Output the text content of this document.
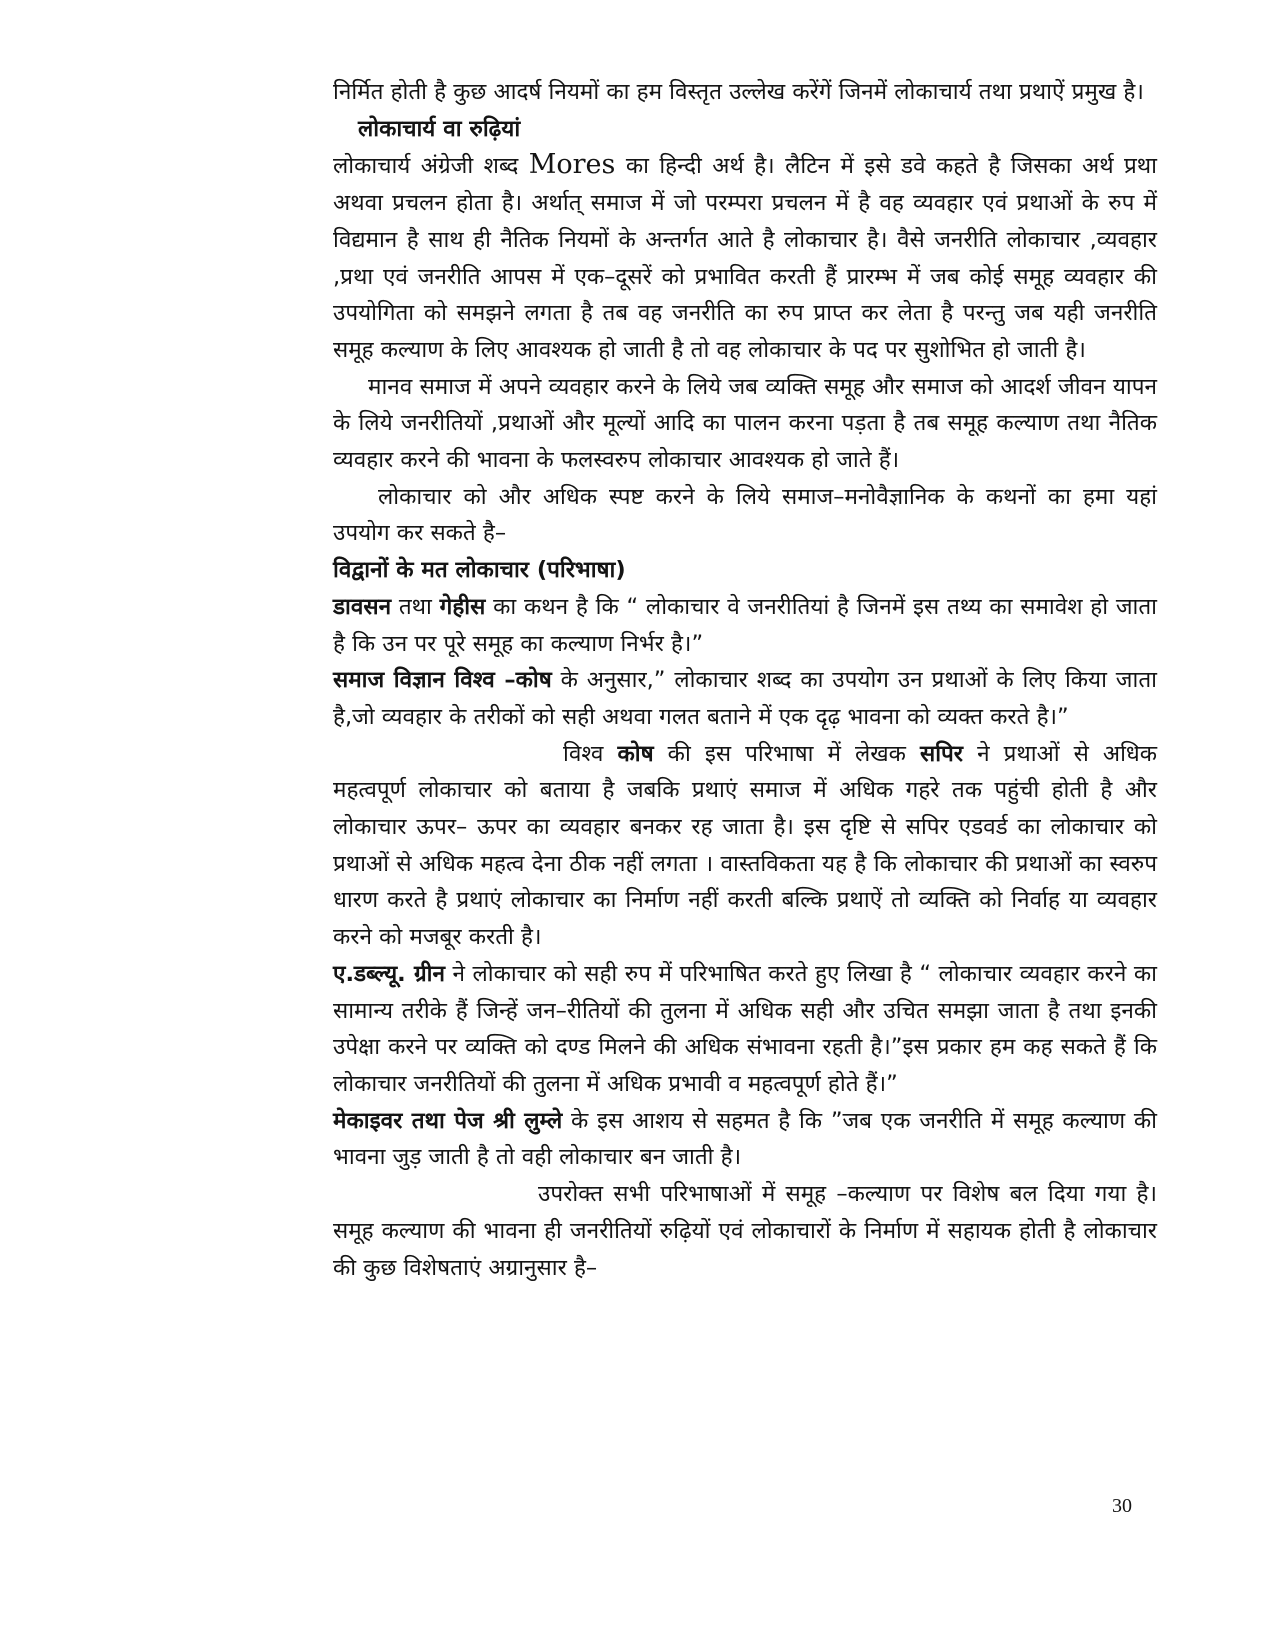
निर्मित होती है कुछ आदर्ष नियमों का हम विस्तृत उल्लेख करेंगें जिनमें लोकाचार्य तथा प्रथाऐं प्रमुख है।

लोकाचार्य वा रुढ़ियां

लोकाचार्य अंग्रेजी शब्द Mores का हिन्दी अर्थ है। लैटिन में इसे डवे कहते है जिसका अर्थ प्रथा अथवा प्रचलन होता है। अर्थात् समाज में जो परम्परा प्रचलन में है वह व्यवहार एवं प्रथाओं के रुप में विद्यमान है साथ ही नैतिक नियमों के अन्तर्गत आते है लोकाचार है। वैसे जनरीति लोकाचार ,व्यवहार ,प्रथा एवं जनरीति आपस में एक–दूसरें को प्रभावित करती हैं प्रारम्भ में जब कोई समूह व्यवहार की उपयोगिता को समझने लगता है तब वह जनरीति का रुप प्राप्त कर लेता है परन्तु जब यही जनरीति समूह कल्याण के लिए आवश्यक हो जाती है तो वह लोकाचार के पद पर सुशोभित हो जाती है।

मानव समाज में अपने व्यवहार करने के लिये जब व्यक्ति समूह और समाज को आदर्श जीवन यापन के लिये जनरीतियों ,प्रथाओं और मूल्यों आदि का पालन करना पड़ता है तब समूह कल्याण तथा नैतिक व्यवहार करने की भावना के फलस्वरुप लोकाचार आवश्यक हो जाते हैं।

लोकाचार को और अधिक स्पष्ट करने के लिये समाज–मनोवैज्ञानिक के कथनों का हमा यहां उपयोग कर सकते है–

विद्वानों के मत लोकाचार (परिभाषा)

डावसन तथा गेहीस का कथन है कि “ लोकाचार वे जनरीतियां है जिनमें इस तथ्य का समावेश हो जाता है कि उन पर पूरे समूह का कल्याण निर्भर है।”

समाज विज्ञान विश्व –कोष के अनुसार,” लोकाचार शब्द का उपयोग उन प्रथाओं के लिए किया जाता है,जो व्यवहार के तरीकों को सही अथवा गलत बताने में एक दृढ़ भावना को व्यक्त करते है।”

विश्व कोष की इस परिभाषा में लेखक सपिर ने प्रथाओं से अधिक महत्वपूर्ण लोकाचार को बताया है जबकि प्रथाएं समाज में अधिक गहरे तक पहुंची होती है और लोकाचार ऊपर– ऊपर का व्यवहार बनकर रह जाता है। इस दृष्टि से सपिर एडवर्ड का लोकाचार को प्रथाओं से अधिक महत्व देना ठीक नहीं लगता । वास्तविकता यह है कि लोकाचार की प्रथाओं का स्वरुप धारण करते है प्रथाएं लोकाचार का निर्माण नहीं करती बल्कि प्रथाऐं तो व्यक्ति को निर्वाह या व्यवहार करने को मजबूर करती है।

ए.डब्ल्यू. ग्रीन ने लोकाचार को सही रुप में परिभाषित करते हुए लिखा है “ लोकाचार व्यवहार करने का सामान्य तरीके हैं जिन्हें जन–रीतियों की तुलना में अधिक सही और उचित समझा जाता है तथा इनकी उपेक्षा करने पर व्यक्ति को दण्ड मिलने की अधिक संभावना रहती है।”इस प्रकार हम कह सकते हैं कि लोकाचार जनरीतियों की तुलना में अधिक प्रभावी व महत्वपूर्ण होते हैं।”

मेकाइवर तथा पेज श्री लुम्ले के इस आशय से सहमत है कि ”जब एक जनरीति में समूह कल्याण की भावना जुड़ जाती है तो वही लोकाचार बन जाती है।

उपरोक्त सभी परिभाषाओं में समूह –कल्याण पर विशेष बल दिया गया है। समूह कल्याण की भावना ही जनरीतियों रुढ़ियों एवं लोकाचारों के निर्माण में सहायक होती है लोकाचार की कुछ विशेषताएं अग्रानुसार है–

30
